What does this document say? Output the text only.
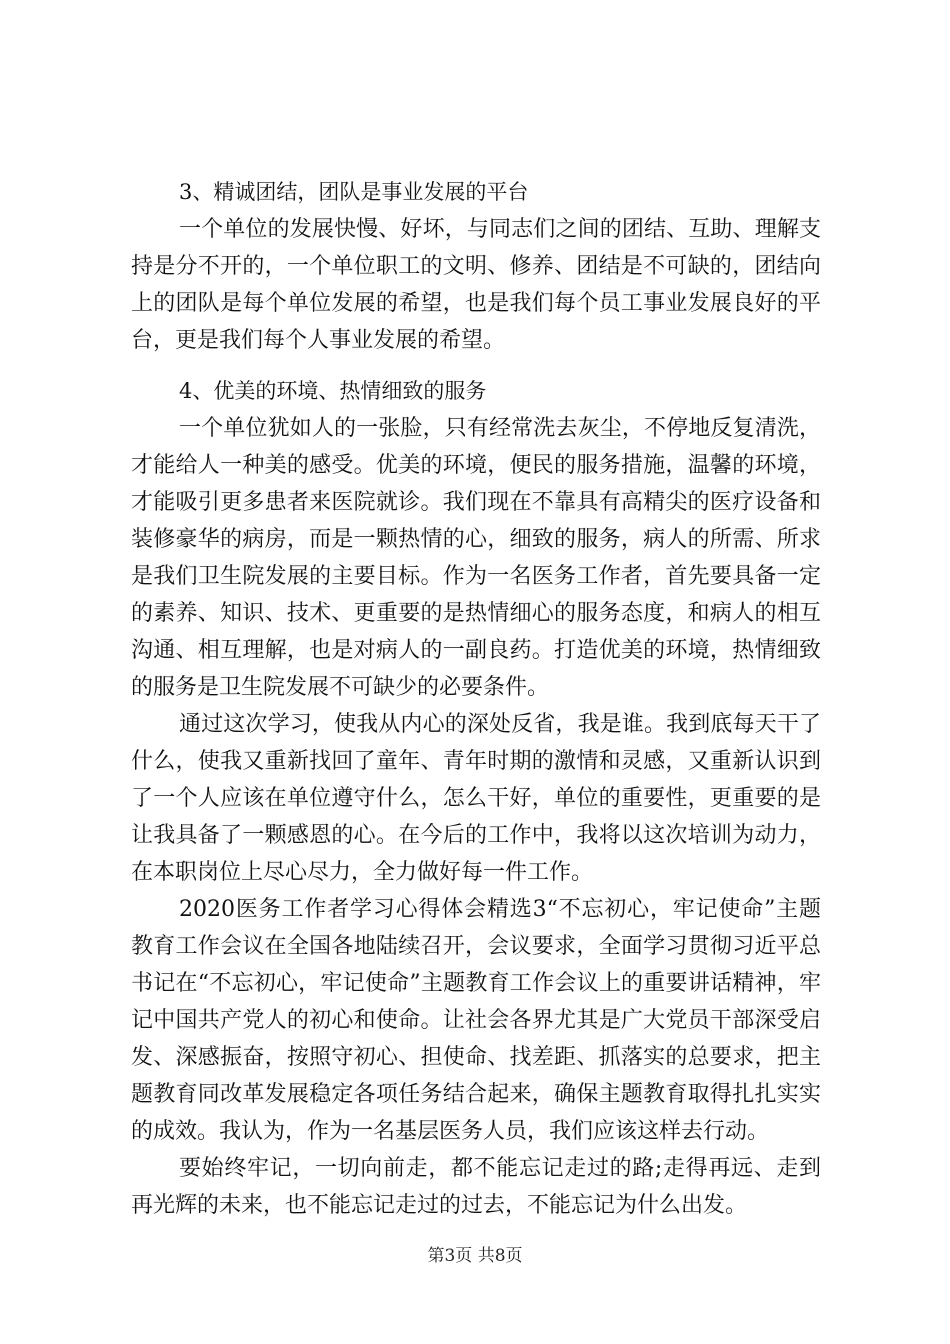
3、精诚团结，团队是事业发展的平台

一个单位的发展快慢、好坏，与同志们之间的团结、互助、理解支持是分不开的，一个单位职工的文明、修养、团结是不可缺的，团结向上的团队是每个单位发展的希望，也是我们每个员工事业发展良好的平台，更是我们每个人事业发展的希望。

4、优美的环境、热情细致的服务

一个单位犹如人的一张脸，只有经常洗去灰尘，不停地反复清洗，才能给人一种美的感受。优美的环境，便民的服务措施，温馨的环境，才能吸引更多患者来医院就诊。我们现在不靠具有高精尖的医疗设备和装修豪华的病房，而是一颗热情的心，细致的服务，病人的所需、所求是我们卫生院发展的主要目标。作为一名医务工作者，首先要具备一定的素养、知识、技术、更重要的是热情细心的服务态度，和病人的相互沟通、相互理解，也是对病人的一副良药。打造优美的环境，热情细致的服务是卫生院发展不可缺少的必要条件。

通过这次学习，使我从内心的深处反省，我是谁。我到底每天干了什么，使我又重新找回了童年、青年时期的激情和灵感，又重新认识到了一个人应该在单位遵守什么，怎么干好，单位的重要性，更重要的是让我具备了一颗感恩的心。在今后的工作中，我将以这次培训为动力，在本职岗位上尽心尽力，全力做好每一件工作。

2020医务工作者学习心得体会精选3“不忘初心，牢记使命”主题教育工作会议在全国各地陆续召开，会议要求，全面学习贯彻习近平总书记在“不忘初心，牢记使命”主题教育工作会议上的重要讲话精神，牢记中国共产党人的初心和使命。让社会各界尤其是广大党员干部深受启发、深感振奋，按照守初心、担使命、找差距、抓落实的总要求，把主题教育同改革发展稳定各项任务结合起来，确保主题教育取得扎扎实实的成效。我认为，作为一名基层医务人员，我们应该这样去行动。

要始终牢记，一切向前走，都不能忘记走过的路;走得再远、走到再光辉的未来，也不能忘记走过的过去，不能忘记为什么出发。

第3页 共8页
